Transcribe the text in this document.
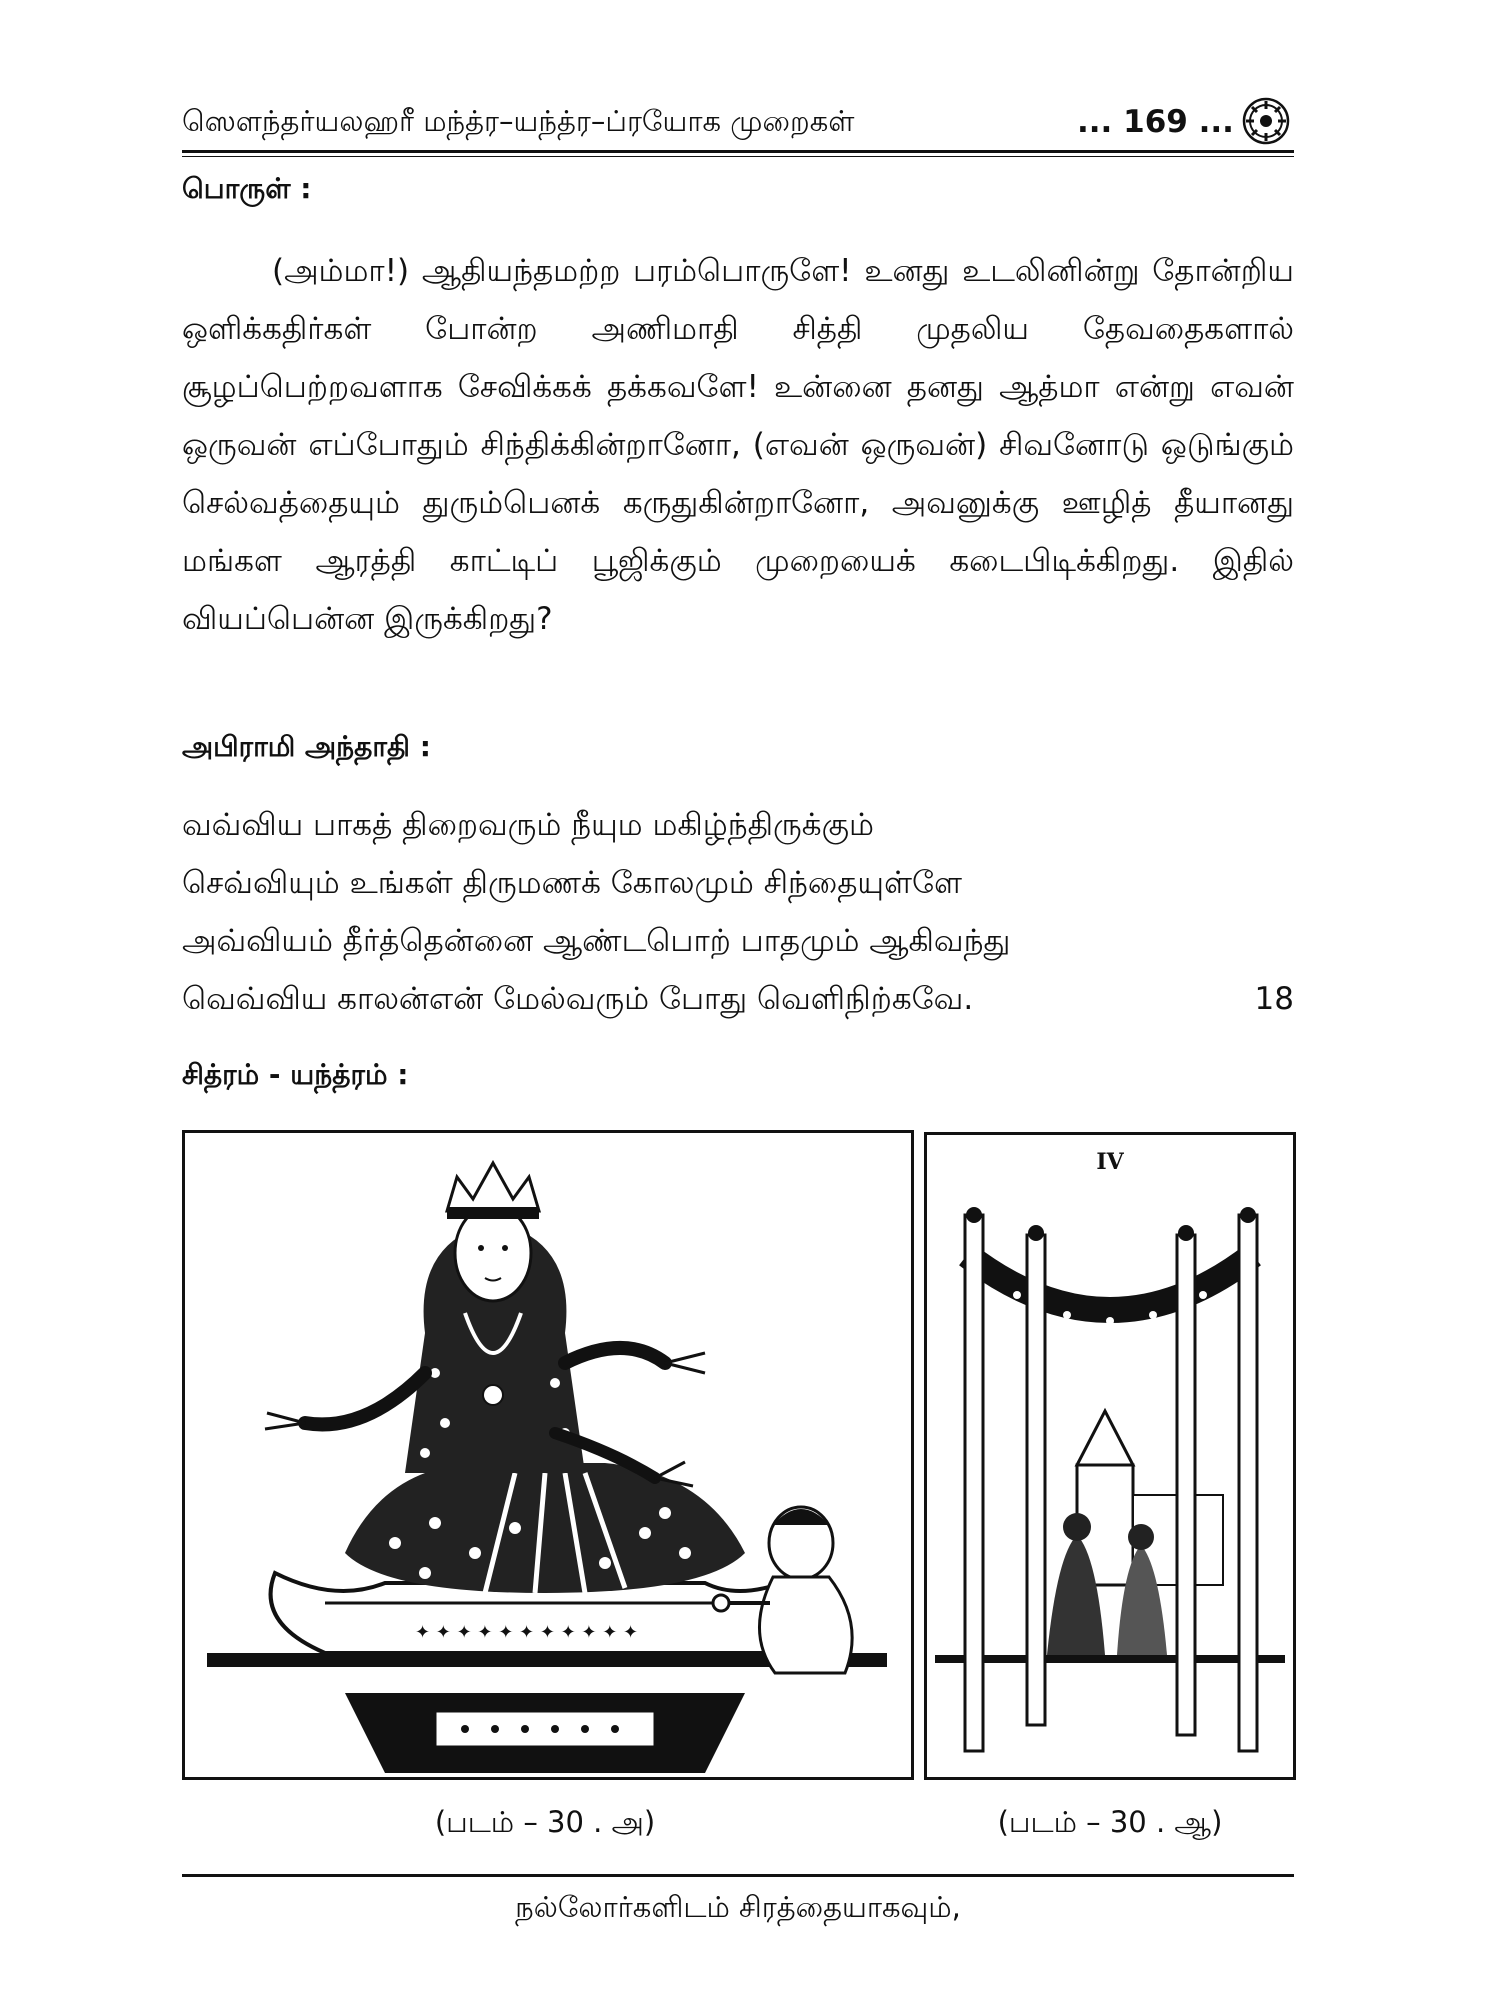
ஸௌந்தர்யலஹரீ மந்த்ர–யந்த்ர–ப்ரயோக முறைகள்	... 169 ...
பொருள் :
(அம்மா!) ஆதியந்தமற்ற பரம்பொருளே! உனது உடலினின்று தோன்றிய ஒளிக்கதிர்கள் போன்ற அணிமாதி சித்தி முதலிய தேவதைகளால் சூழப்பெற்றவளாக சேவிக்கக் தக்கவளே! உன்னை தனது ஆத்மா என்று எவன் ஒருவன் எப்போதும் சிந்திக்கின்றானோ, (எவன் ஒருவன்) சிவனோடு ஒடுங்கும் செல்வத்தையும் துரும்பெனக் கருதுகின்றானோ, அவனுக்கு ஊழித் தீயானது மங்கள ஆரத்தி காட்டிப் பூஜிக்கும் முறையைக் கடைபிடிக்கிறது. இதில் வியப்பென்ன இருக்கிறது?
அபிராமி அந்தாதி :
வவ்விய பாகத் திறைவரும் நீயும மகிழ்ந்திருக்கும்
செவ்வியும் உங்கள் திருமணக் கோலமும் சிந்தையுள்ளே
அவ்வியம் தீர்த்தென்னை ஆண்டபொற் பாதமும் ஆகிவந்து
வெவ்விய காலன்என் மேல்வரும் போது வெளிநிற்கவே.	18
சித்ரம் - யந்த்ரம் :
✦ ✦ ✦ ✦ ✦ ✦ ✦ ✦ ✦ ✦ ✦
IV
(படம் – 30 . அ)	(படம் – 30 . ஆ)
நல்லோர்களிடம் சிரத்தையாகவும்,
